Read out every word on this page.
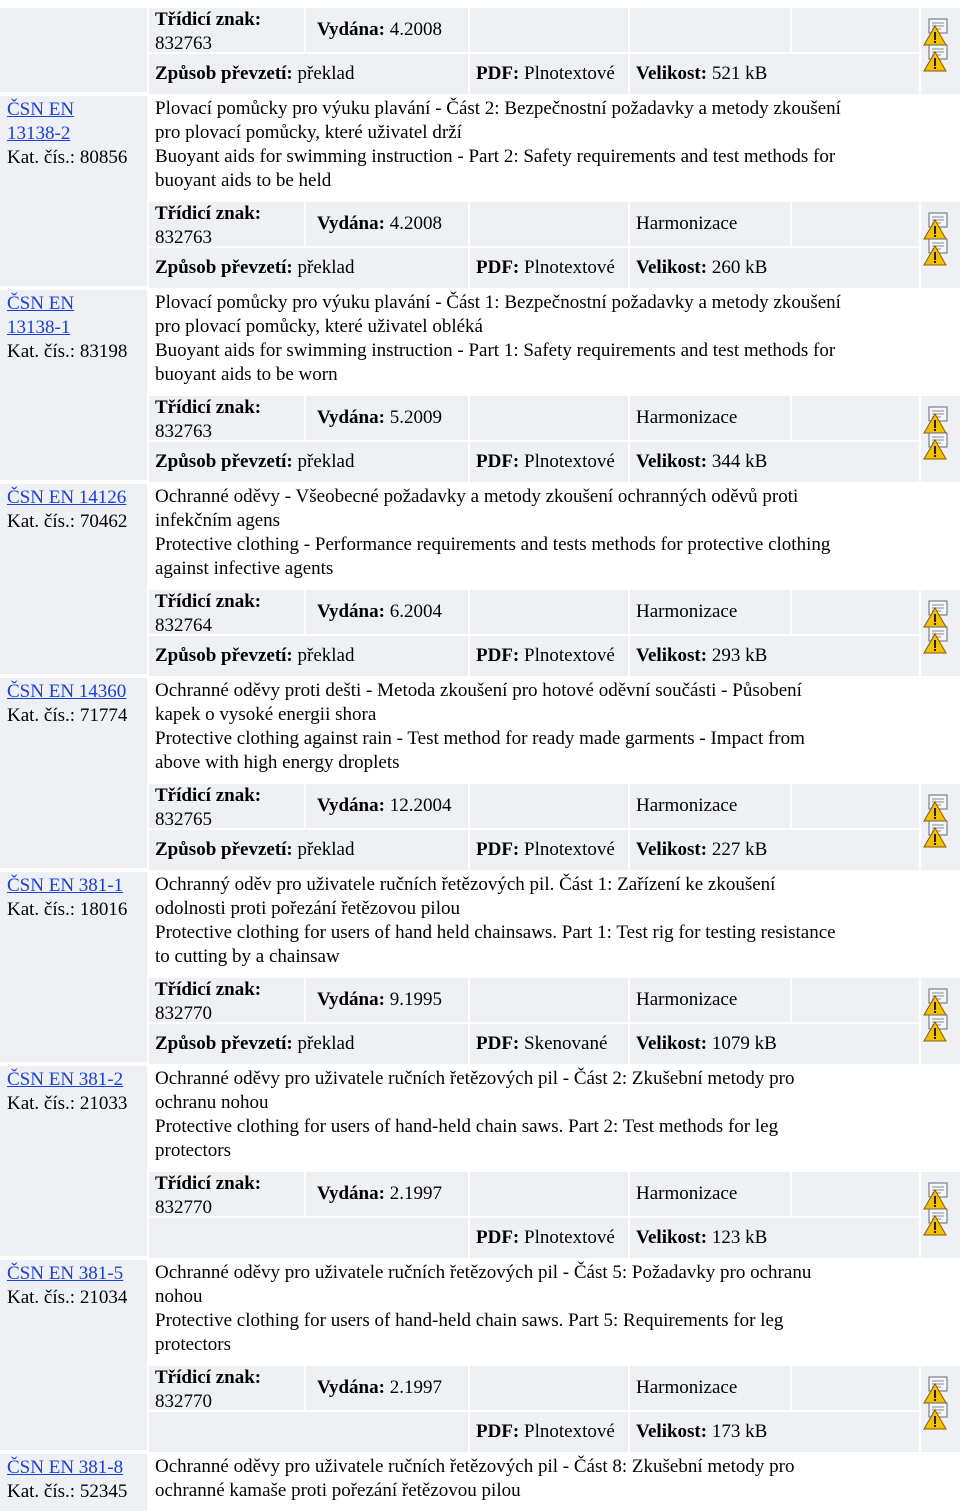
Třídicí znak:
832763
Vydána: 4.2008
Způsob převzetí: překlad	PDF: Plnotextové	Velikost: 521 kB
ČSN EN
13138-2
Kat. čís.: 80856
Plovací pomůcky pro výuku plavání - Část 2: Bezpečnostní požadavky a metody zkoušení
pro plovací pomůcky, které uživatel drží
Buoyant aids for swimming instruction - Part 2: Safety requirements and test methods for
buoyant aids to be held
Třídicí znak:
832763
Vydána: 4.2008	Harmonizace
Způsob převzetí: překlad	PDF: Plnotextové	Velikost: 260 kB
ČSN EN
13138-1
Kat. čís.: 83198
Plovací pomůcky pro výuku plavání - Část 1: Bezpečnostní požadavky a metody zkoušení
pro plovací pomůcky, které uživatel obléká
Buoyant aids for swimming instruction - Part 1: Safety requirements and test methods for
buoyant aids to be worn
Třídicí znak:
832763
Vydána: 5.2009	Harmonizace
Způsob převzetí: překlad	PDF: Plnotextové	Velikost: 344 kB
ČSN EN 14126
Kat. čís.: 70462
Ochranné oděvy - Všeobecné požadavky a metody zkoušení ochranných oděvů proti
infekčním agens
Protective clothing - Performance requirements and tests methods for protective clothing
against infective agents
Třídicí znak:
832764
Vydána: 6.2004	Harmonizace
Způsob převzetí: překlad	PDF: Plnotextové	Velikost: 293 kB
ČSN EN 14360
Kat. čís.: 71774
Ochranné oděvy proti dešti - Metoda zkoušení pro hotové oděvní součásti - Působení
kapek o vysoké energii shora
Protective clothing against rain - Test method for ready made garments - Impact from
above with high energy droplets
Třídicí znak:
832765
Vydána: 12.2004	Harmonizace
Způsob převzetí: překlad	PDF: Plnotextové	Velikost: 227 kB
ČSN EN 381-1
Kat. čís.: 18016
Ochranný oděv pro uživatele ručních řetězových pil. Část 1: Zařízení ke zkoušení
odolnosti proti pořezání řetězovou pilou
Protective clothing for users of hand held chainsaws. Part 1: Test rig for testing resistance
to cutting by a chainsaw
Třídicí znak:
832770
Vydána: 9.1995	Harmonizace
Způsob převzetí: překlad	PDF: Skenované	Velikost: 1079 kB
ČSN EN 381-2
Kat. čís.: 21033
Ochranné oděvy pro uživatele ručních řetězových pil - Část 2: Zkušební metody pro
ochranu nohou
Protective clothing for users of hand-held chain saws. Part 2: Test methods for leg
protectors
Třídicí znak:
832770
Vydána: 2.1997	Harmonizace
PDF: Plnotextové	Velikost: 123 kB
ČSN EN 381-5
Kat. čís.: 21034
Ochranné oděvy pro uživatele ručních řetězových pil - Část 5: Požadavky pro ochranu
nohou
Protective clothing for users of hand-held chain saws. Part 5: Requirements for leg
protectors
Třídicí znak:
832770
Vydána: 2.1997	Harmonizace
PDF: Plnotextové	Velikost: 173 kB
ČSN EN 381-8
Kat. čís.: 52345
Ochranné oděvy pro uživatele ručních řetězových pil - Část 8: Zkušební metody pro
ochranné kamaše proti pořezání řetězovou pilou
